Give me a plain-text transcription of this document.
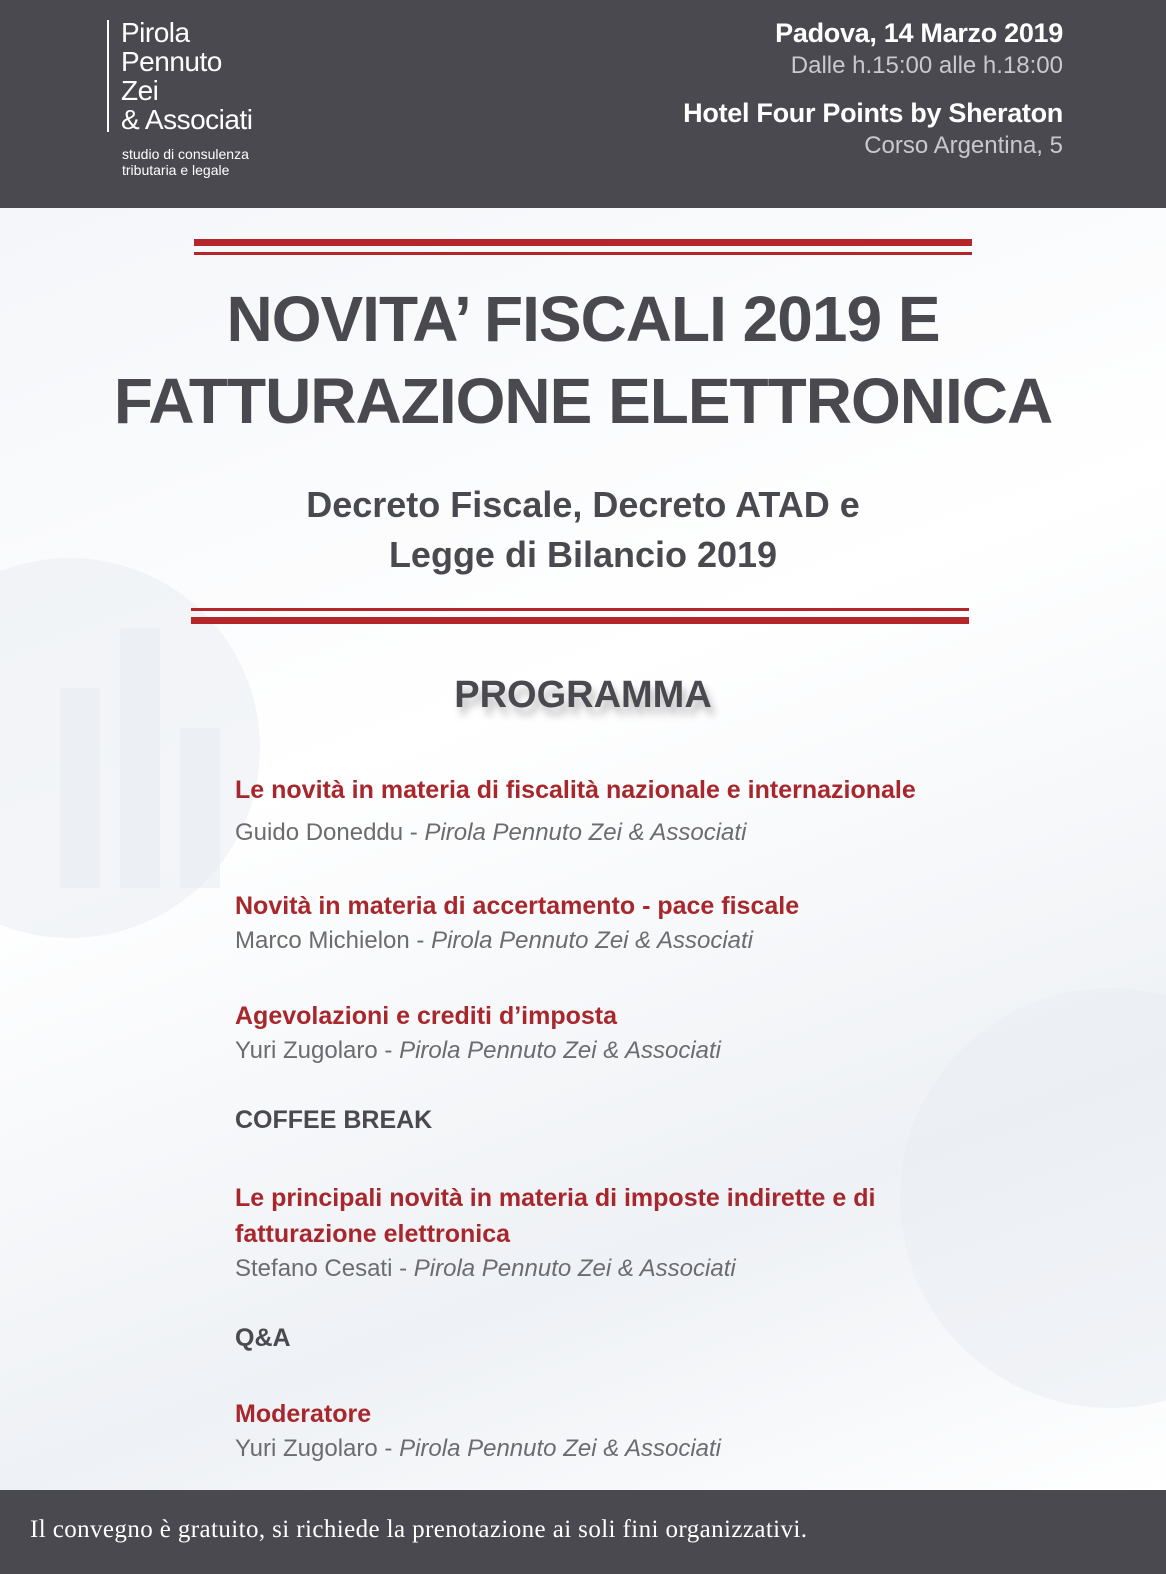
Pirola
Pennuto
Zei
& Associati
studio di consulenza
tributaria e legale
Padova, 14 Marzo 2019
Dalle h.15:00 alle h.18:00
Hotel Four Points by Sheraton
Corso Argentina, 5
NOVITA’ FISCALI 2019 E
FATTURAZIONE ELETTRONICA
Decreto Fiscale, Decreto ATAD e
Legge di Bilancio 2019
PROGRAMMA
Le novità in materia di fiscalità nazionale e internazionale
Guido Doneddu - Pirola Pennuto Zei & Associati
Novità in materia di accertamento - pace fiscale
Marco Michielon - Pirola Pennuto Zei & Associati
Agevolazioni e crediti d’imposta
Yuri Zugolaro - Pirola Pennuto Zei & Associati
COFFEE BREAK
Le principali novità in materia di imposte indirette e di
fatturazione elettronica
Stefano Cesati - Pirola Pennuto Zei & Associati
Q&A
Moderatore
Yuri Zugolaro - Pirola Pennuto Zei & Associati
Il convegno è gratuito, si richiede la prenotazione ai soli fini organizzativi.
